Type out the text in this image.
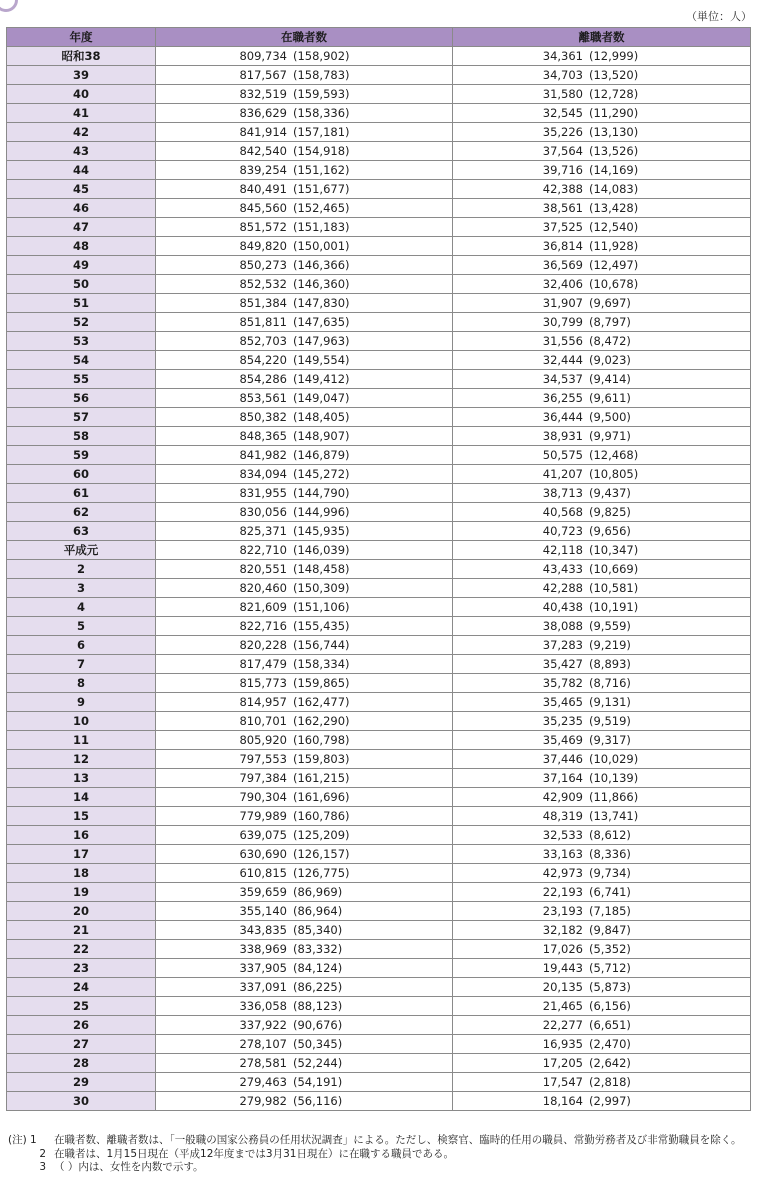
（単位：人）
年度	在職者数	離職者数
昭和38	809,734 (158,902)	34,361 (12,999)
39	817,567 (158,783)	34,703 (13,520)
40	832,519 (159,593)	31,580 (12,728)
41	836,629 (158,336)	32,545 (11,290)
42	841,914 (157,181)	35,226 (13,130)
43	842,540 (154,918)	37,564 (13,526)
44	839,254 (151,162)	39,716 (14,169)
45	840,491 (151,677)	42,388 (14,083)
46	845,560 (152,465)	38,561 (13,428)
47	851,572 (151,183)	37,525 (12,540)
48	849,820 (150,001)	36,814 (11,928)
49	850,273 (146,366)	36,569 (12,497)
50	852,532 (146,360)	32,406 (10,678)
51	851,384 (147,830)	31,907 (9,697)
52	851,811 (147,635)	30,799 (8,797)
53	852,703 (147,963)	31,556 (8,472)
54	854,220 (149,554)	32,444 (9,023)
55	854,286 (149,412)	34,537 (9,414)
56	853,561 (149,047)	36,255 (9,611)
57	850,382 (148,405)	36,444 (9,500)
58	848,365 (148,907)	38,931 (9,971)
59	841,982 (146,879)	50,575 (12,468)
60	834,094 (145,272)	41,207 (10,805)
61	831,955 (144,790)	38,713 (9,437)
62	830,056 (144,996)	40,568 (9,825)
63	825,371 (145,935)	40,723 (9,656)
平成元	822,710 (146,039)	42,118 (10,347)
2	820,551 (148,458)	43,433 (10,669)
3	820,460 (150,309)	42,288 (10,581)
4	821,609 (151,106)	40,438 (10,191)
5	822,716 (155,435)	38,088 (9,559)
6	820,228 (156,744)	37,283 (9,219)
7	817,479 (158,334)	35,427 (8,893)
8	815,773 (159,865)	35,782 (8,716)
9	814,957 (162,477)	35,465 (9,131)
10	810,701 (162,290)	35,235 (9,519)
11	805,920 (160,798)	35,469 (9,317)
12	797,553 (159,803)	37,446 (10,029)
13	797,384 (161,215)	37,164 (10,139)
14	790,304 (161,696)	42,909 (11,866)
15	779,989 (160,786)	48,319 (13,741)
16	639,075 (125,209)	32,533 (8,612)
17	630,690 (126,157)	33,163 (8,336)
18	610,815 (126,775)	42,973 (9,734)
19	359,659 (86,969)	22,193 (6,741)
20	355,140 (86,964)	23,193 (7,185)
21	343,835 (85,340)	32,182 (9,847)
22	338,969 (83,332)	17,026 (5,352)
23	337,905 (84,124)	19,443 (5,712)
24	337,091 (86,225)	20,135 (5,873)
25	336,058 (88,123)	21,465 (6,156)
26	337,922 (90,676)	22,277 (6,651)
27	278,107 (50,345)	16,935 (2,470)
28	278,581 (52,244)	17,205 (2,642)
29	279,463 (54,191)	17,547 (2,818)
30	279,982 (56,116)	18,164 (2,997)
(注) 1	在職者数、離職者数は、「一般職の国家公務員の任用状況調査」による。ただし、検察官、臨時的任用の職員、常勤労務者及び非常勤職員を除く。
2 在職者は、1月15日現在（平成12年度までは3月31日現在）に在職する職員である。
3 （ ）内は、女性を内数で示す。
